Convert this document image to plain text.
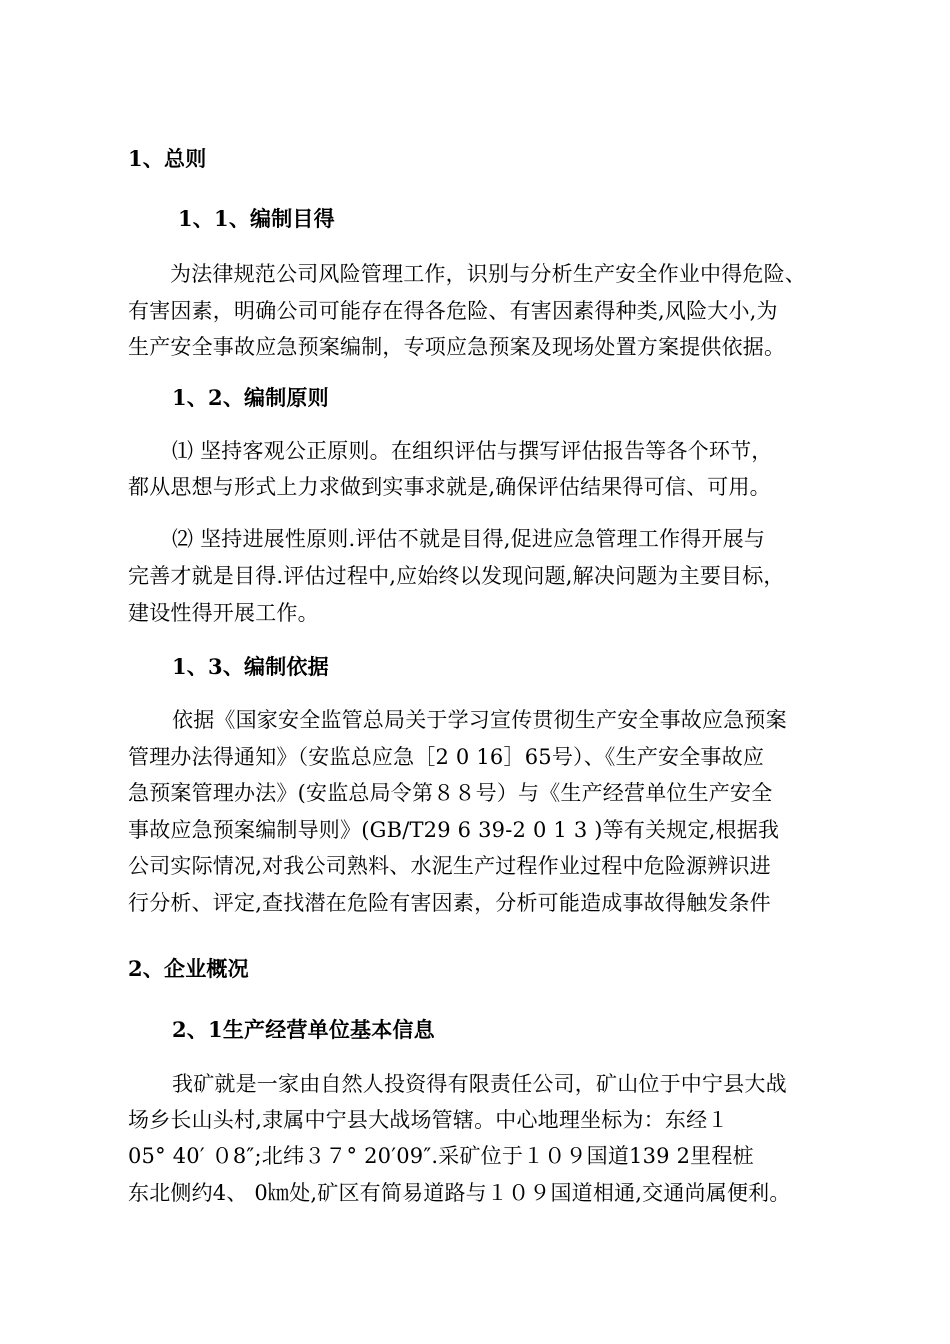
1、总则
1、1、编制目得
为法律规范公司风险管理工作，识别与分析生产安全作业中得危险、
有害因素，明确公司可能存在得各危险、有害因素得种类,风险大小,为
生产安全事故应急预案编制，专项应急预案及现场处置方案提供依据。
1、2、编制原则
⑴ 坚持客观公正原则。在组织评估与撰写评估报告等各个环节，
都从思想与形式上力求做到实事求就是,确保评估结果得可信、可用。
⑵ 坚持进展性原则.评估不就是目得,促进应急管理工作得开展与
完善才就是目得.评估过程中,应始终以发现问题,解决问题为主要目标，
建设性得开展工作。
1、3、编制依据
依据《国家安全监管总局关于学习宣传贯彻生产安全事故应急预案
管理办法得通知》（安监总应急［2 0 16］65号）、《生产安全事故应
急预案管理办法》(安监总局令第８８号）与《生产经营单位生产安全
事故应急预案编制导则》(GB/T29 6 39-2 0 1 3 )等有关规定,根据我
公司实际情况,对我公司熟料、水泥生产过程作业过程中危险源辨识进
行分析、评定,查找潜在危险有害因素，分析可能造成事故得触发条件
2、企业概况
2、1生产经营单位基本信息
我矿就是一家由自然人投资得有限责任公司，矿山位于中宁县大战
场乡长山头村,隶属中宁县大战场管辖。中心地理坐标为：东经１
05° 40′ ０8″;北纬３７° 20′09″.采矿位于１０９国道139 2里程桩
东北侧约4、 0㎞处,矿区有简易道路与１０９国道相通,交通尚属便利。
